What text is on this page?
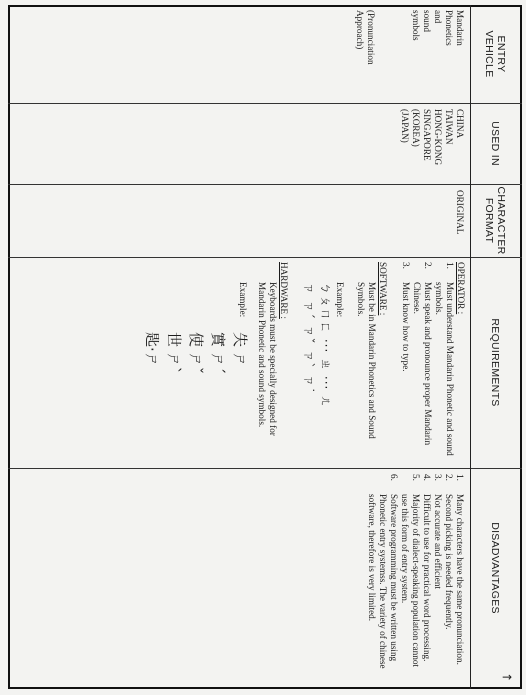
ENTRY
VEHICLE
USED IN
CHARACTER
FORMAT
REQUIREMENTS
DISADVANTAGES
→

Mandarin

Phonetics

and

sound

symbols

(Pronunciation Approach)

CHINA

TAIWAN

HONG-KONG

SINGAPORE

(KOREA)

(JAPAN)

ORIGINAL

OPERATOR :

1.
Must understand Mandarin Phonetic and sound symbols.
2.
Must speak and pronounce proper Mandarin Chinese.
3.
Must know how to type.

SOFTWARE :

Must be in Mandarin Phonetics and Sound Symbols.

Example:

ㄅㄆㄇㄈ ··· ㄓ ··· ㄦ

ㄗ ㄗˊ ㄗˇ ㄗˋ ㄗ˙

HARDWARE :

Keyboards must be specially designed for Mandarin Phonetic and sound symbols.

Example:

失 ㄕ

實 ㄕˊ

使 ㄕˇ

世 ㄕˋ

匙·ㄕ

1.
Many characters have the same pronunciation.
2.
Second picking is needed frequently.
3.
Not accurate and efficient
4.
Difficult to use for practical word processing.
5.
Majority of dialect-speaking population cannot use this form of entry system.
6.
Software programming must be written using Phonetic entry systemss. The variety of chinese software, therefore is very limited.
